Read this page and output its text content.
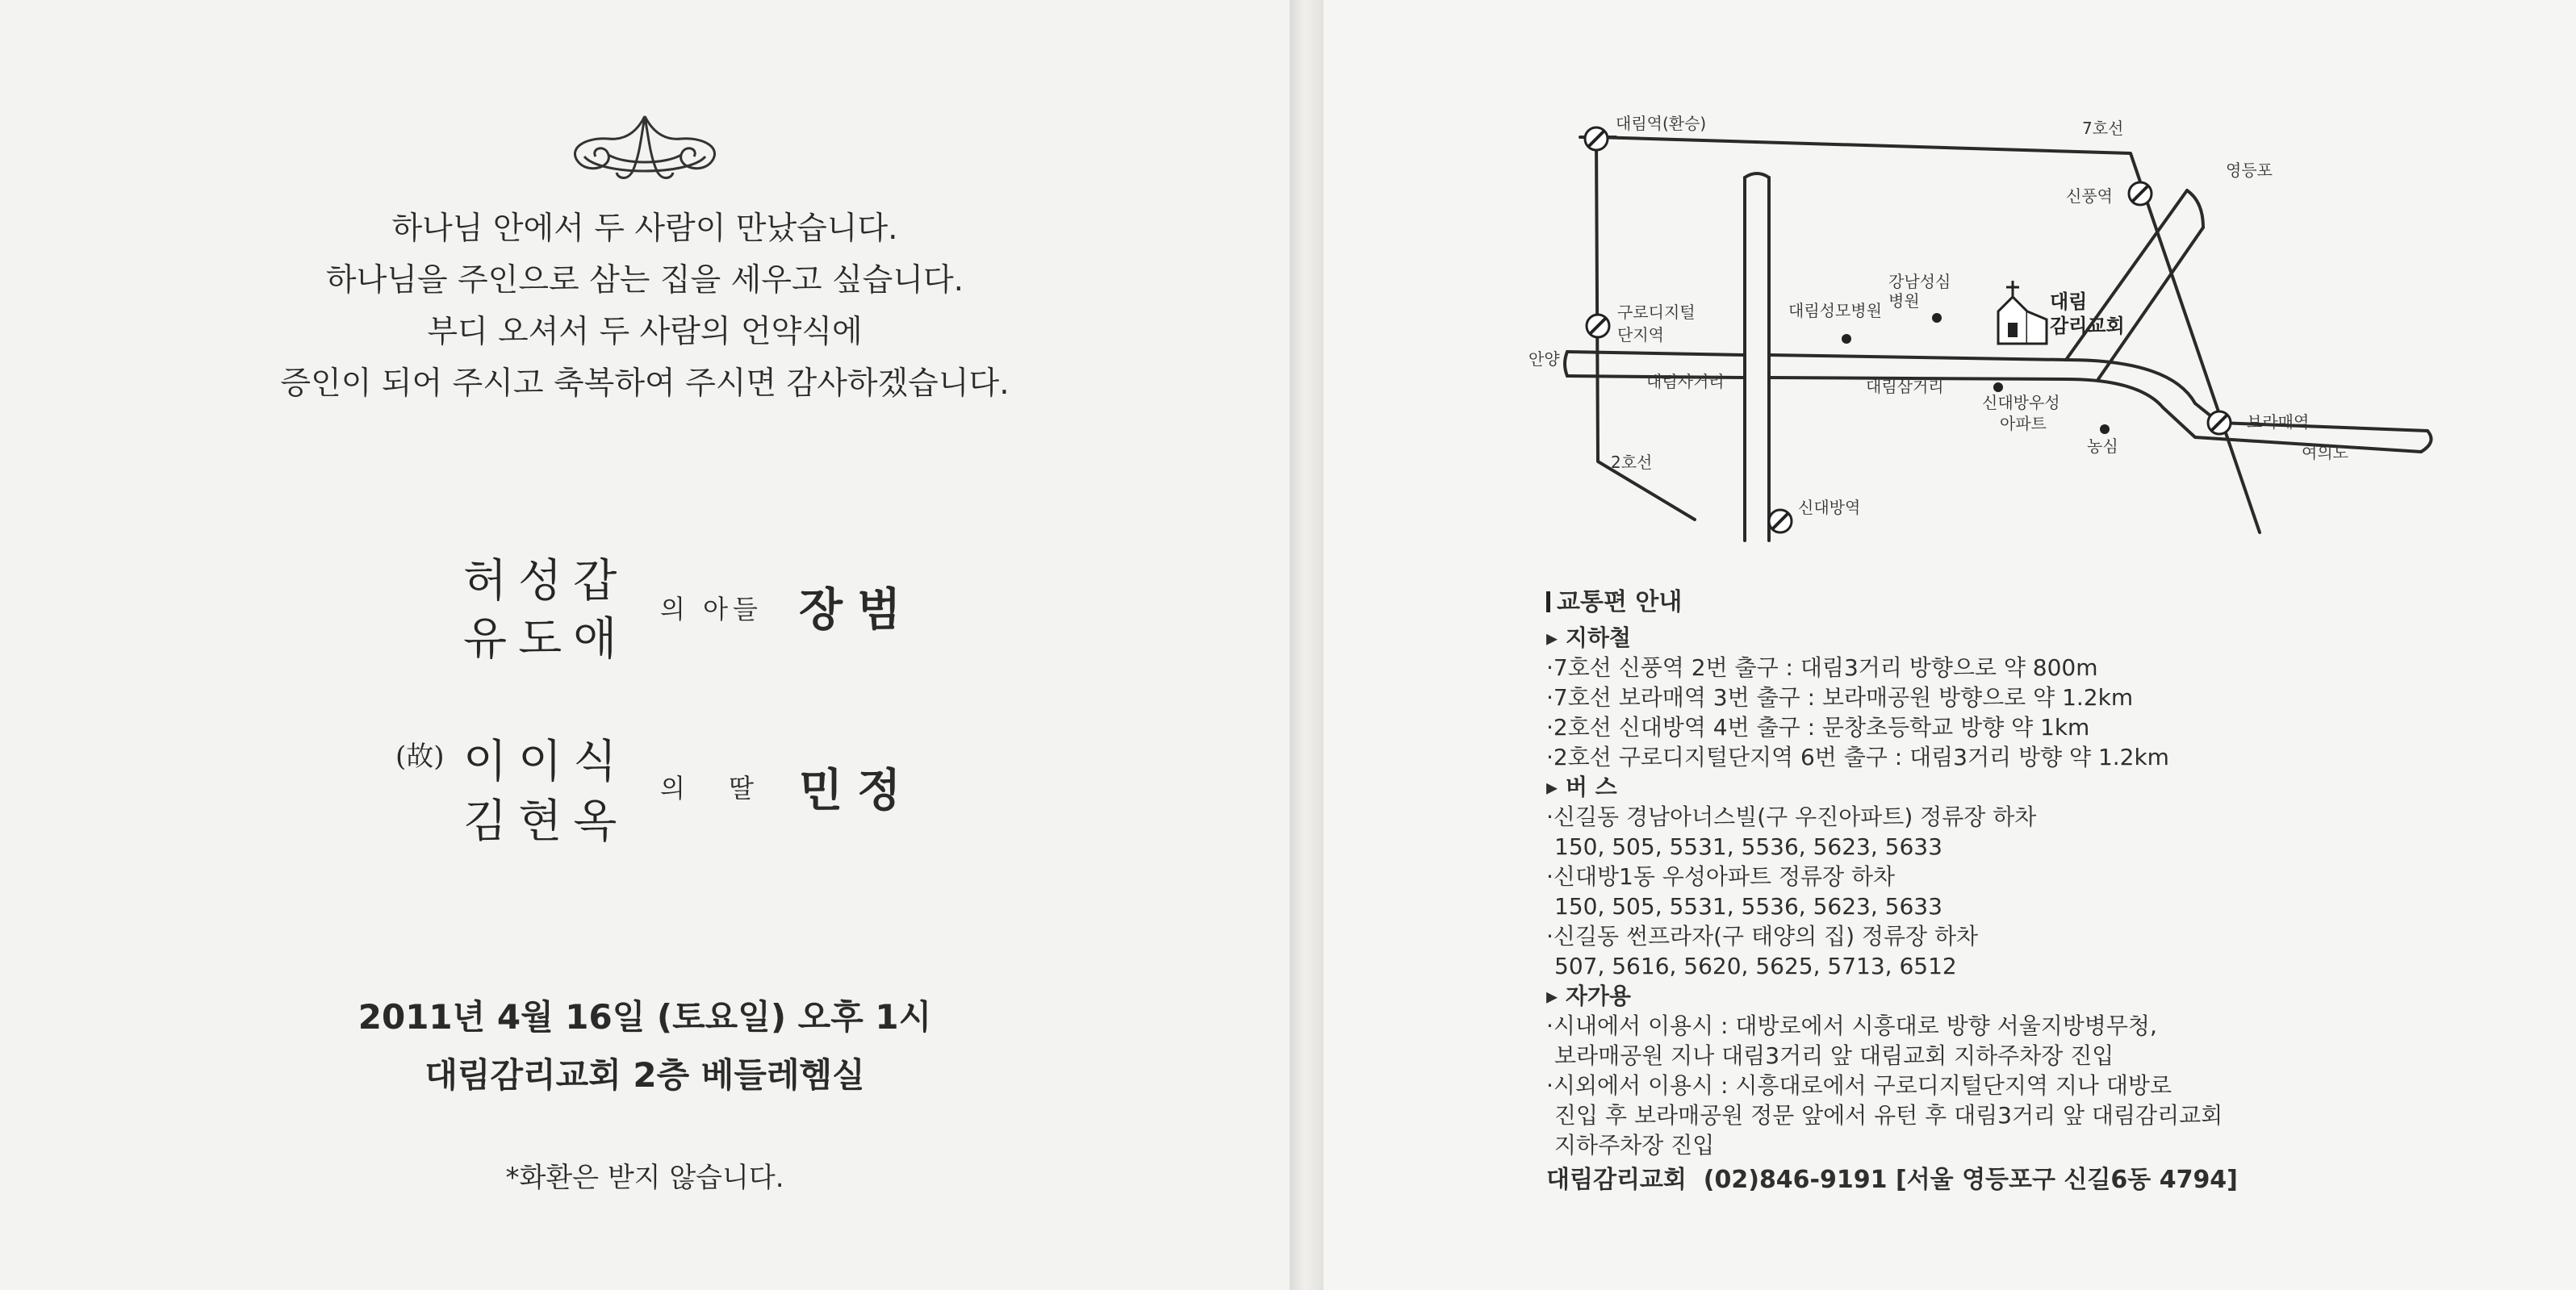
하나님 안에서 두 사람이 만났습니다.
하나님을 주인으로 삼는 집을 세우고 싶습니다.
부디 오셔서 두 사람의 언약식에
증인이 되어 주시고 축복하여 주시면 감사하겠습니다.
허성갑
유도애
의 아들 장범
(故) 이이식
김현옥
의 딸 민정
2011년 4월 16일 (토요일) 오후 1시
대림감리교회 2층 베들레헴실
*화환은 받지 않습니다.
대림역(환승)	7호선
영등포
신풍역
강남성심
병원
대림성모병원	대림
감리교회
구로디지털
단지역
안양
대림사거리	대림삼거리
신대방우성
아파트	보라매역
여의도
농심
2호선
신대방역
교통편 안내
▸ 지하철
·7호선 신풍역 2번 출구 : 대림3거리 방향으로 약 800m
·7호선 보라매역 3번 출구 : 보라매공원 방향으로 약 1.2km
·2호선 신대방역 4번 출구 : 문창초등학교 방향 약 1km
·2호선 구로디지털단지역 6번 출구 : 대림3거리 방향 약 1.2km
▸ 버 스
·신길동 경남아너스빌(구 우진아파트) 정류장 하차
150, 505, 5531, 5536, 5623, 5633
·신대방1동 우성아파트 정류장 하차
150, 505, 5531, 5536, 5623, 5633
·신길동 썬프라자(구 태양의 집) 정류장 하차
507, 5616, 5620, 5625, 5713, 6512
▸ 자가용
·시내에서 이용시 : 대방로에서 시흥대로 방향 서울지방병무청,
보라매공원 지나 대림3거리 앞 대림교회 지하주차장 진입
·시외에서 이용시 : 시흥대로에서 구로디지털단지역 지나 대방로
진입 후 보라매공원 정문 앞에서 유턴 후 대림3거리 앞 대림감리교회
지하주차장 진입
대림감리교회  (02)846-9191 [서울 영등포구 신길6동 4794]
